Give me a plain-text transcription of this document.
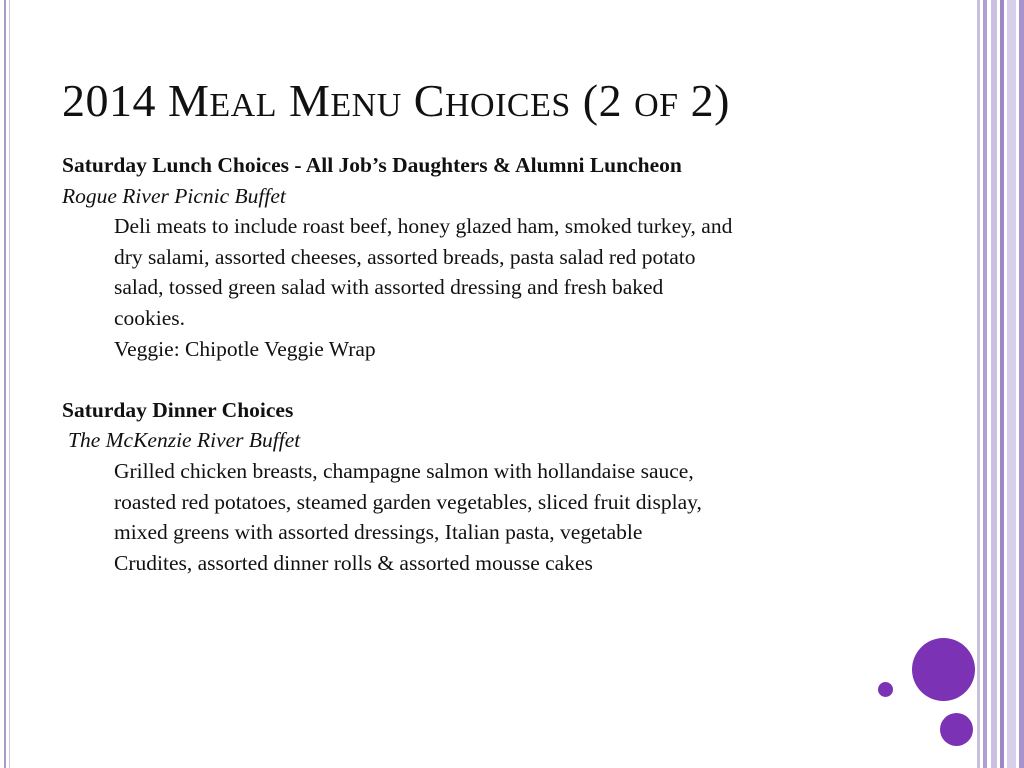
2014 MEAL MENU CHOICES (2 OF 2)
Saturday Lunch Choices - All Job’s Daughters & Alumni Luncheon
Rogue River Picnic Buffet
Deli meats to include roast beef, honey glazed ham, smoked turkey, and
dry salami, assorted cheeses, assorted breads, pasta salad red potato
salad, tossed green salad with assorted dressing and fresh baked
cookies.
Veggie: Chipotle Veggie Wrap
Saturday Dinner Choices
The McKenzie River Buffet
Grilled chicken breasts, champagne salmon with hollandaise sauce,
roasted red potatoes, steamed garden vegetables, sliced fruit display,
mixed greens with assorted dressings, Italian pasta, vegetable
Crudites, assorted dinner rolls & assorted mousse cakes
